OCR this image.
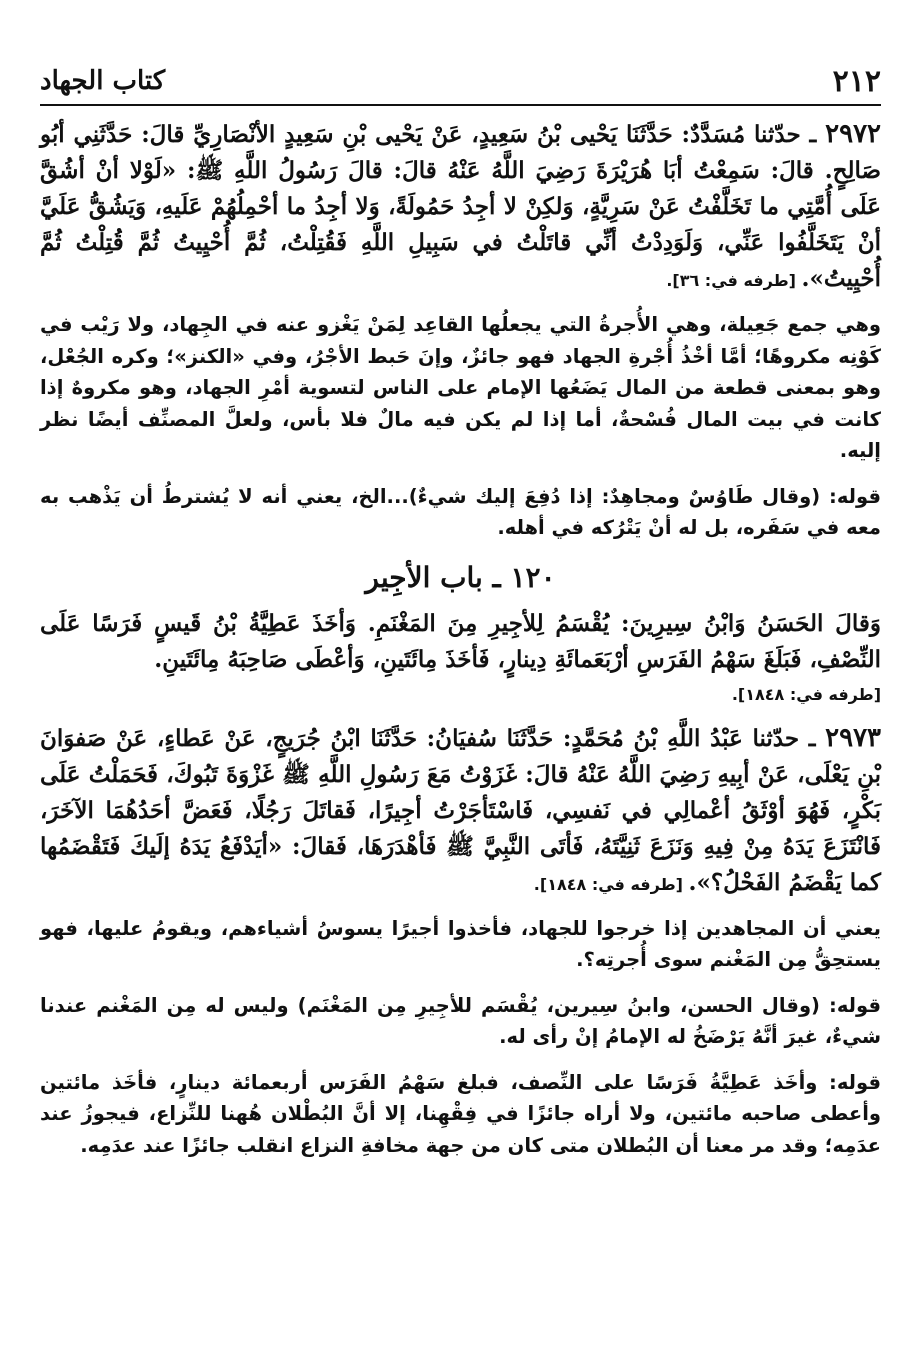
٢١٢
كتاب الجهاد

٢٩٧٢ ـ حدّثنا مُسَدَّدٌ: حَدَّثَنَا يَحْيى بْنُ سَعِيدٍ، عَنْ يَحْيى بْنِ سَعِيدٍ الأنْصَارِيِّ قالَ: حَدَّثَنِي أبُو صَالِحٍ. قالَ: سَمِعْتُ أبَا هُرَيْرَةَ رَضِيَ اللَّهُ عَنْهُ قالَ: قالَ رَسُولُ اللَّهِ ﷺ: «لَوْلا أنْ أشُقَّ عَلَى أُمَّتِي ما تَخَلَّفْتُ عَنْ سَرِيَّةٍ، وَلكِنْ لا أجِدُ حَمُولَةً، وَلا أجِدُ ما أحْمِلُهُمْ عَلَيهِ، وَيَشُقُّ عَلَيَّ أنْ يَتَخَلَّفُوا عَنِّي، وَلَوَدِدْتُ أنِّي قاتَلْتُ في سَبِيلِ اللَّهِ فَقُتِلْتُ، ثُمَّ أُحْيِيتُ ثُمَّ قُتِلْتُ ثُمَّ أُحْيِيتُ». [طرفه في: ٣٦].

وهي جمع جَعِيلة، وهي الأُجرةُ التي يجعلُها القاعِد لِمَنْ يَغْزو عنه في الجِهاد، ولا رَيْب في كَوْنِه مكروهًا؛ أمَّا أخْذُ أُجْرةِ الجهاد فهو جائزٌ، وإنَ حَبط الأجْرُ، وفي «الكنز»؛ وكره الجُعْل، وهو بمعنى قطعة من المال يَضَعُها الإمام على الناس لتسوية أمْرِ الجهاد، وهو مكروهٌ إذا كانت في بيت المال فُسْحةٌ، أما إذا لم يكن فيه مالٌ فلا بأس، ولعلَّ المصنِّف أيضًا نظر إليه.

قوله: (وقال طَاوُسٌ ومجاهِدٌ: إذا دُفِعَ إليك شيءٌ)...الخ، يعني أنه لا يُشترطُ أن يَذْهب به معه في سَفَره، بل له أنْ يَتْرُكه في أهله.

١٢٠ ـ باب الأجِير

وَقالَ الحَسَنُ وَابْنُ سِيرِينَ: يُقْسَمُ لِلأجِيرِ مِنَ المَغْنَمِ. وَأخَذَ عَطِيَّةُ بْنُ قَيسٍ فَرَسًا عَلَى النِّصْفِ، فَبَلَغَ سَهْمُ الفَرَسِ أرْبَعَمائَةِ دِينارٍ، فَأخَذَ مِائَتَينِ، وَأعْطَى صَاحِبَهُ مِائَتَينِ.

[طرفه في: ١٨٤٨].

٢٩٧٣ ـ حدّثنا عَبْدُ اللَّهِ بْنُ مُحَمَّدٍ: حَدَّثَنَا سُفيَانُ: حَدَّثَنَا ابْنُ جُرَيجٍ، عَنْ عَطاءٍ، عَنْ صَفوَانَ بْنِ يَعْلَى، عَنْ أبِيهِ رَضِيَ اللَّهُ عَنْهُ قالَ: غَزَوْتُ مَعَ رَسُولِ اللَّهِ ﷺ غَزْوَةَ تَبُوكَ، فَحَمَلْتُ عَلَى بَكْرٍ، فَهُوَ أوْثَقُ أعْمالِي في نَفسِي، فَاسْتَأجَرْتُ أجِيرًا، فَقاتَلَ رَجُلًا، فَعَضَّ أحَدُهُمَا الآخَرَ، فَانْتَزَعَ يَدَهُ مِنْ فِيهِ وَنَزَعَ ثَنِيَّتَهُ، فَأتَى النَّبِيَّ ﷺ فَأهْدَرَهَا، فَقالَ: «أيَدْفَعُ يَدَهُ إلَيكَ فَتَقْضَمُها كما يَقْضَمُ الفَحْلُ؟». [طرفه في: ١٨٤٨].

يعني أن المجاهدين إذا خرجوا للجهاد، فأخذوا أجيرًا يسوسُ أشياءهم، ويقومُ عليها، فهو يستحِقُّ مِن المَغْنم سوى أُجرتِه؟.

قوله: (وقال الحسن، وابنُ سِيرين، يُقْسَم للأجِيرِ مِن المَغْنَم) وليس له مِن المَغْنم عندنا شيءٌ، غيرَ أنَّهُ يَرْضَخُ له الإمامُ إنْ رأى له.

قوله: وأخَذ عَطِيَّةُ فَرَسًا على النِّصف، فبلغ سَهْمُ الفَرَس أربعمائة دينارٍ، فأخَذ مائتين وأعطى صاحبه مائتين، ولا أراه جائزًا في فِقْهِنا، إلا أنَّ البُطْلان هُهنا للنِّزاع، فيجوزُ عند عدَمِه؛ وقد مر معنا أن البُطلان متى كان من جهة مخافةِ النزاع انقلب جائزًا عند عدَمِه.
